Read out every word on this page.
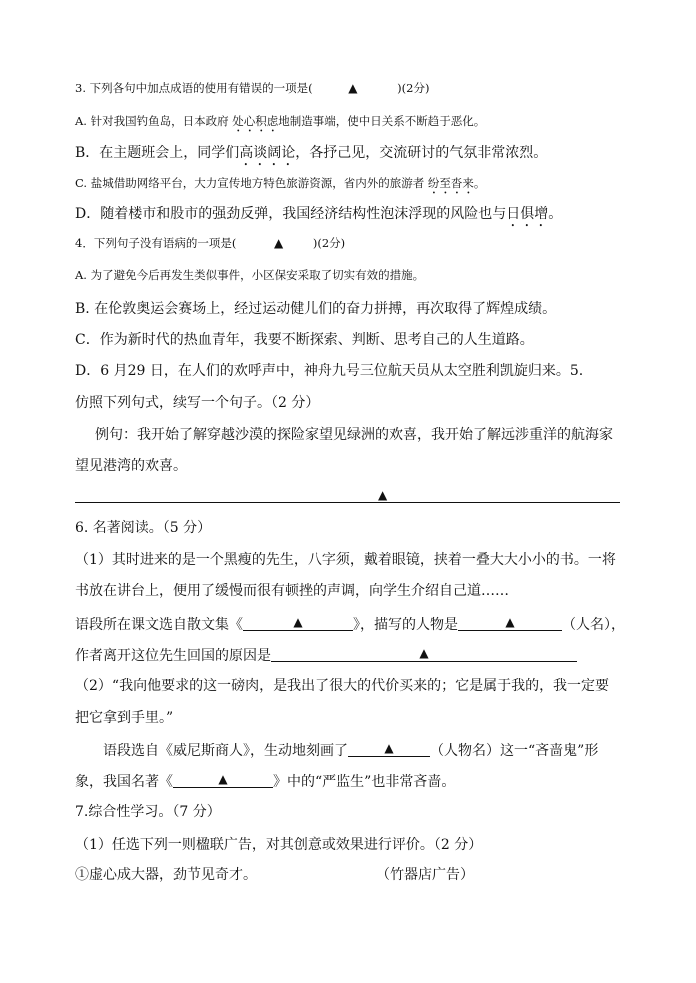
3. 下列各句中加点成语的使用有错误的一项是(	▲	)(2分)
A. 针对我国钓鱼岛，日本政府 处心积虑地制造事端，使中日关系不断趋于恶化。
B．在主题班会上，同学们高谈阔论，各抒己见，交流研讨的气氛非常浓烈。
C. 盐城借助网络平台，大力宣传地方特色旅游资源，省内外的旅游者 纷至沓来。
D．随着楼市和股市的强劲反弹，我国经济结构性泡沫浮现的风险也与日俱增。
4．下列句子没有语病的一项是(	▲	)(2分)
A. 为了避免今后再发生类似事件，小区保安采取了切实有效的措施。
B. 在伦敦奥运会赛场上，经过运动健儿们的奋力拼搏，再次取得了辉煌成绩。
C．作为新时代的热血青年，我要不断探索、判断、思考自己的人生道路。
D．6 月29 日，在人们的欢呼声中，神舟九号三位航天员从太空胜利凯旋归来。5.
仿照下列句式，续写一个句子。（2 分）
例句：我开始了解穿越沙漠的探险家望见绿洲的欢喜，我开始了解远涉重洋的航海家
望见港湾的欢喜。
▲
6. 名著阅读。（5 分）
（1）其时进来的是一个黑瘦的先生，八字须，戴着眼镜，挟着一叠大大小小的书。一将
书放在讲台上，便用了缓慢而很有顿挫的声调，向学生介绍自己道……
语段所在课文选自散文集《	▲	》，描写的人物是	▲	（人名），
作者离开这位先生回国的原因是	▲
（2）“我向他要求的这一磅肉，是我出了很大的代价买来的；它是属于我的，我一定要
把它拿到手里。”
语段选自《威尼斯商人》，生动地刻画了	▲	（人物名）这一“吝啬鬼”形
象，我国名著《	▲	》中的“严监生”也非常吝啬。
7.综合性学习。（7 分）
（1）任选下列一则楹联广告，对其创意或效果进行评价。（2 分）
①虚心成大器，劲节见奇才。	（竹器店广告）
